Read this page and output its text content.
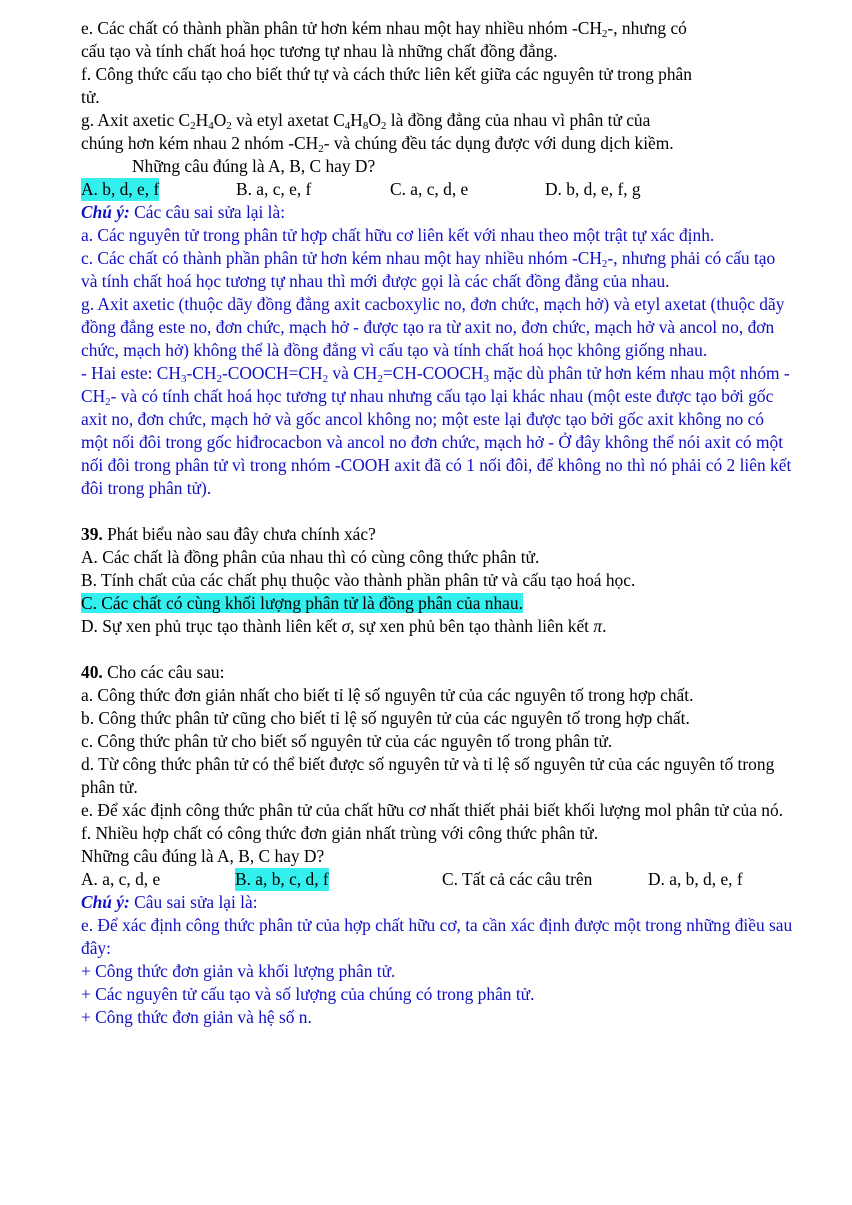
e. Các chất có thành phần phân tử hơn kém nhau một hay nhiều nhóm $-CH_2-$, nhưng có

cấu tạo và tính chất hoá học tương tự nhau là những chất đồng đẳng.

f. Công thức cấu tạo cho biết thứ tự và cách thức liên kết giữa các nguyên tử trong phân

tử.

g. Axit axetic $C_2H_4O_2$ và etyl axetat $C_4H_8O_2$ là đồng đẳng của nhau vì phân tử của

chúng hơn kém nhau 2 nhóm $-CH_2-$ và chúng đều tác dụng được với dung dịch kiềm.

Những câu đúng là A, B, C hay D?

A. b, d, e, f	B. a, c, e, f	C. a, c, d, e	D. b, d, e, f, g

Chú ý: Các câu sai sửa lại là:

a. Các nguyên tử trong phân tử hợp chất hữu cơ liên kết với nhau theo một trật tự xác định.

c. Các chất có thành phần phân tử hơn kém nhau một hay nhiều nhóm $-CH_2-$, nhưng phải có cấu tạo và tính chất hoá học tương tự nhau thì mới được gọi là các chất đồng đẳng của nhau.

g. Axit axetic (thuộc dãy đồng đẳng axit cacboxylic no, đơn chức, mạch hở) và etyl axetat (thuộc dãy đồng đẳng este no, đơn chức, mạch hở - được tạo ra từ axit no, đơn chức, mạch hở và ancol no, đơn chức, mạch hở) không thể là đồng đẳng vì cấu tạo và tính chất hoá học không giống nhau.

- Hai este: $CH_3-CH_2-COOCH=CH_2$ và $CH_2=CH-COOCH_3$ mặc dù phân tử hơn kém nhau một nhóm $-CH_2-$ và có tính chất hoá học tương tự nhau nhưng cấu tạo lại khác nhau (một este được tạo bởi gốc axit no, đơn chức, mạch hở và gốc ancol không no; một este lại được tạo bởi gốc axit không no có một nối đôi trong gốc hiđrocacbon và ancol no đơn chức, mạch hở - Ở đây không thể nói axit có một nối đôi trong phân tử vì trong nhóm -COOH axit đã có 1 nối đôi, để không no thì nó phải có 2 liên kết đôi trong phân tử).

39. Phát biểu nào sau đây chưa chính xác?

A. Các chất là đồng phân của nhau thì có cùng công thức phân tử.

B. Tính chất của các chất phụ thuộc vào thành phần phân tử và cấu tạo hoá học.

C. Các chất có cùng khối lượng phân tử là đồng phân của nhau.

D. Sự xen phủ trục tạo thành liên kết σ, sự xen phủ bên tạo thành liên kết π.

40. Cho các câu sau:

a. Công thức đơn giản nhất cho biết tỉ lệ số nguyên tử của các nguyên tố trong hợp chất.

b. Công thức phân tử cũng cho biết tỉ lệ số nguyên tử của các nguyên tố trong hợp chất.

c. Công thức phân tử cho biết số nguyên tử của các nguyên tố trong phân tử.

d. Từ công thức phân tử có thể biết được số nguyên tử và tỉ lệ số nguyên tử của các nguyên tố trong phân tử.

e. Để xác định công thức phân tử của chất hữu cơ nhất thiết phải biết khối lượng mol phân tử của nó.

f. Nhiều hợp chất có công thức đơn giản nhất trùng với công thức phân tử.

Những câu đúng là A, B, C hay D?

A. a, c, d, e	B. a, b, c, d, f	C. Tất cả các câu trên	D. a, b, d, e, f

Chú ý: Câu sai sửa lại là:

e. Để xác định công thức phân tử của hợp chất hữu cơ, ta cần xác định được một trong những điều sau đây:

+ Công thức đơn giản và khối lượng phân tử.

+ Các nguyên tử cấu tạo và số lượng của chúng có trong phân tử.

+ Công thức đơn giản và hệ số n.
